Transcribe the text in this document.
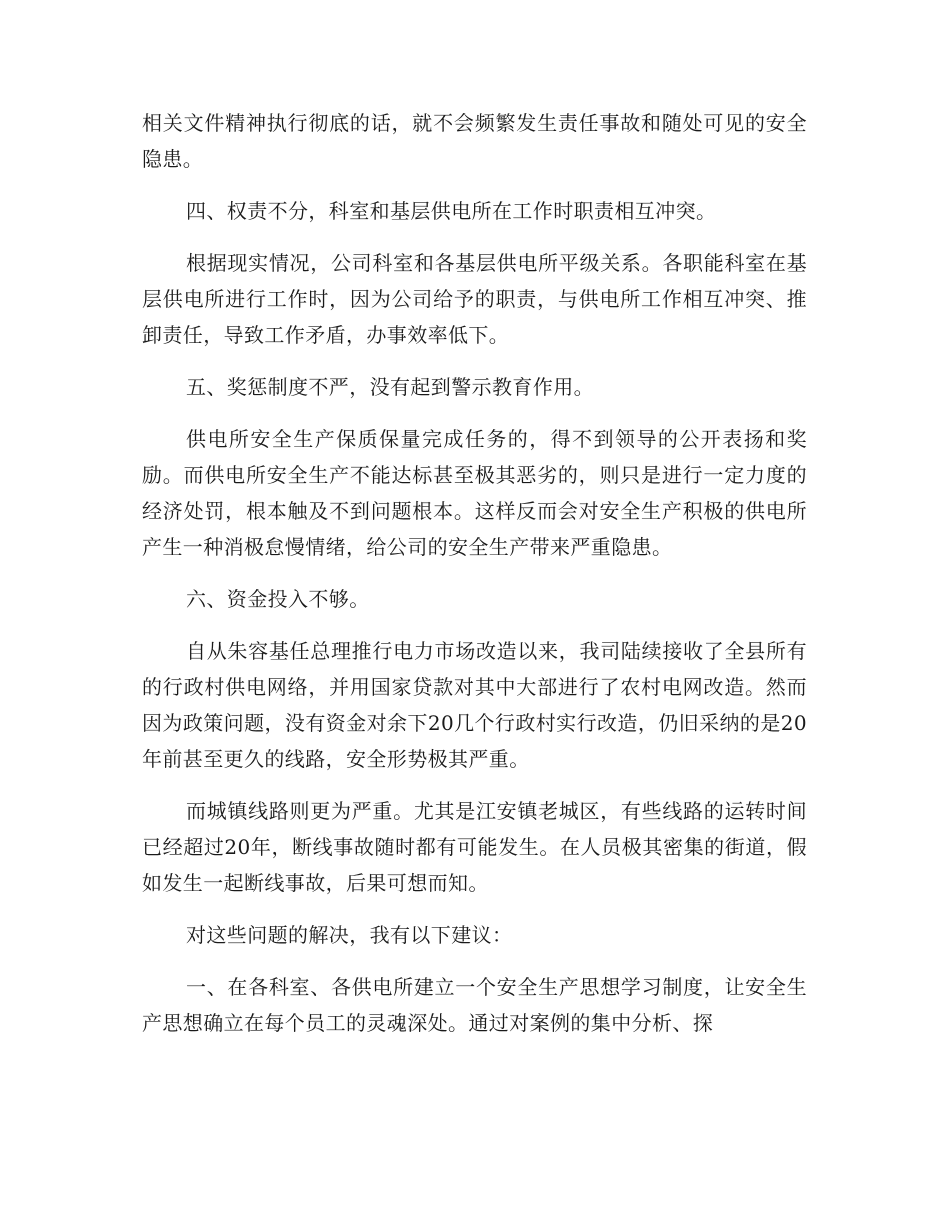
相关文件精神执行彻底的话，就不会频繁发生责任事故和随处可见的安全隐患。

四、权责不分，科室和基层供电所在工作时职责相互冲突。

根据现实情况，公司科室和各基层供电所平级关系。各职能科室在基层供电所进行工作时，因为公司给予的职责，与供电所工作相互冲突、推卸责任，导致工作矛盾，办事效率低下。

五、奖惩制度不严，没有起到警示教育作用。

供电所安全生产保质保量完成任务的，得不到领导的公开表扬和奖励。而供电所安全生产不能达标甚至极其恶劣的，则只是进行一定力度的经济处罚，根本触及不到问题根本。这样反而会对安全生产积极的供电所产生一种消极怠慢情绪，给公司的安全生产带来严重隐患。

六、资金投入不够。

自从朱容基任总理推行电力市场改造以来，我司陆续接收了全县所有的行政村供电网络，并用国家贷款对其中大部进行了农村电网改造。然而因为政策问题，没有资金对余下20几个行政村实行改造，仍旧采纳的是20年前甚至更久的线路，安全形势极其严重。

而城镇线路则更为严重。尤其是江安镇老城区，有些线路的运转时间已经超过20年，断线事故随时都有可能发生。在人员极其密集的街道，假如发生一起断线事故，后果可想而知。

对这些问题的解决，我有以下建议：

一、在各科室、各供电所建立一个安全生产思想学习制度，让安全生产思想确立在每个员工的灵魂深处。通过对案例的集中分析、探
